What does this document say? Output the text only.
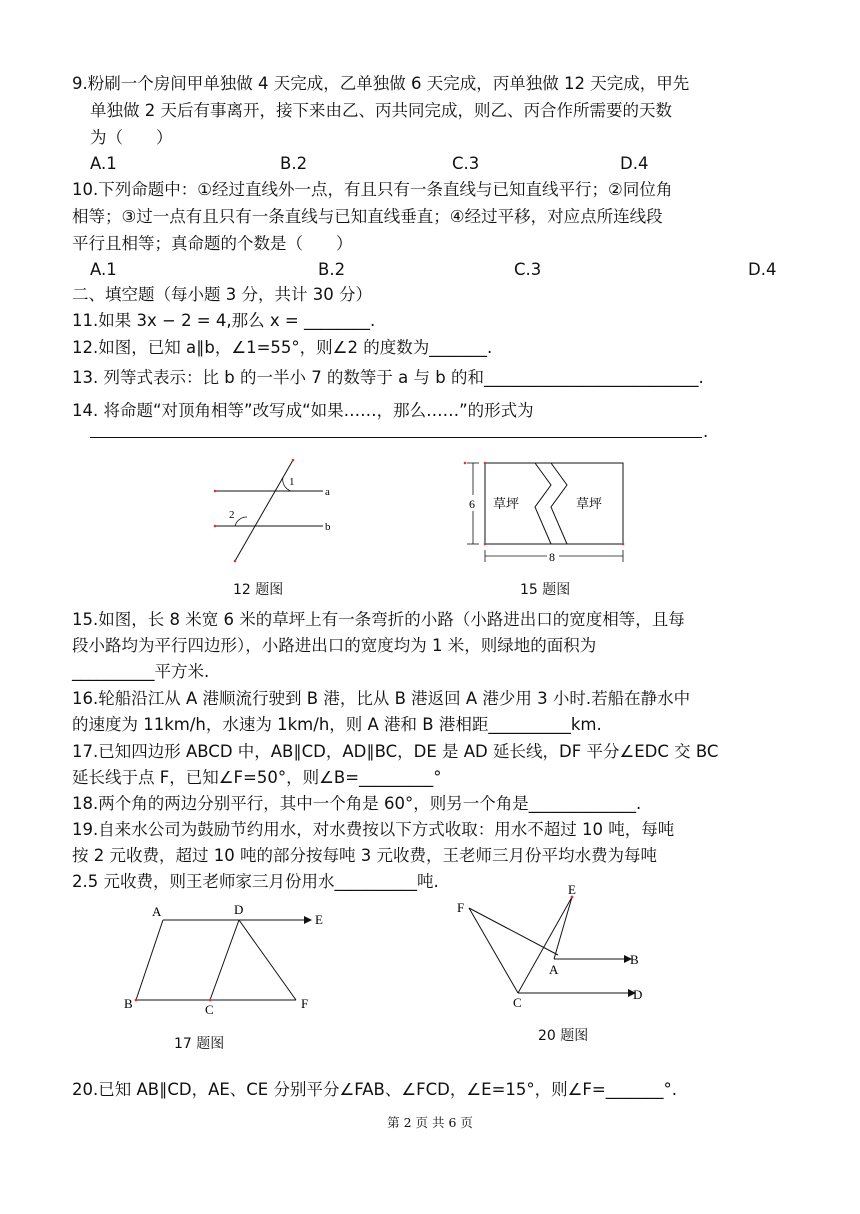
9.粉刷一个房间甲单独做 4 天完成，乙单独做 6 天完成，丙单独做 12 天完成，甲先
单独做 2 天后有事离开，接下来由乙、丙共同完成，则乙、丙合作所需要的天数
为（　　）
A.1	B.2	C.3	D.4
10.下列命题中：①经过直线外一点，有且只有一条直线与已知直线平行；②同位角
相等；③过一点有且只有一条直线与已知直线垂直；④经过平移，对应点所连线段
平行且相等；真命题的个数是（　　）
A.1	B.2	C.3	D.4
二、填空题（每小题 3 分，共计 30 分）
11.如果 3x − 2 = 4,那么 x = ________.
12.如图，已知 a∥b，∠1=55°，则∠2 的度数为_______.
13. 列等式表示：比 b 的一半小 7 的数等于 a 与 b 的和__________________________.
14. 将命题“对顶角相等”改写成“如果……，那么……”的形式为
.
1
2
a
b
12 题图
6
8
草坪	草坪
15 题图
15.如图，长 8 米宽 6 米的草坪上有一条弯折的小路（小路进出口的宽度相等，且每
段小路均为平行四边形），小路进出口的宽度均为 1 米，则绿地的面积为
__________平方米.
16.轮船沿江从 A 港顺流行驶到 B 港，比从 B 港返回 A 港少用 3 小时.若船在静水中
的速度为 11km/h，水速为 1km/h，则 A 港和 B 港相距__________km.
17.已知四边形 ABCD 中，AB∥CD，AD∥BC，DE 是 AD 延长线，DF 平分∠EDC 交 BC
延长线于点 F，已知∠F=50°，则∠B=_________°
18.两个角的两边分别平行，其中一个角是 60°，则另一个角是_____________.
19.自来水公司为鼓励节约用水，对水费按以下方式收取：用水不超过 10 吨，每吨
按 2 元收费，超过 10 吨的部分按每吨 3 元收费，王老师三月份平均水费为每吨
2.5 元收费，则王老师家三月份用水__________吨.
A	D
E
B	C	F
17 题图
F
E
A
B
C
D
20 题图
20.已知 AB∥CD，AE、CE 分别平分∠FAB、∠FCD，∠E=15°，则∠F=_______°.
第 2 页 共 6 页
